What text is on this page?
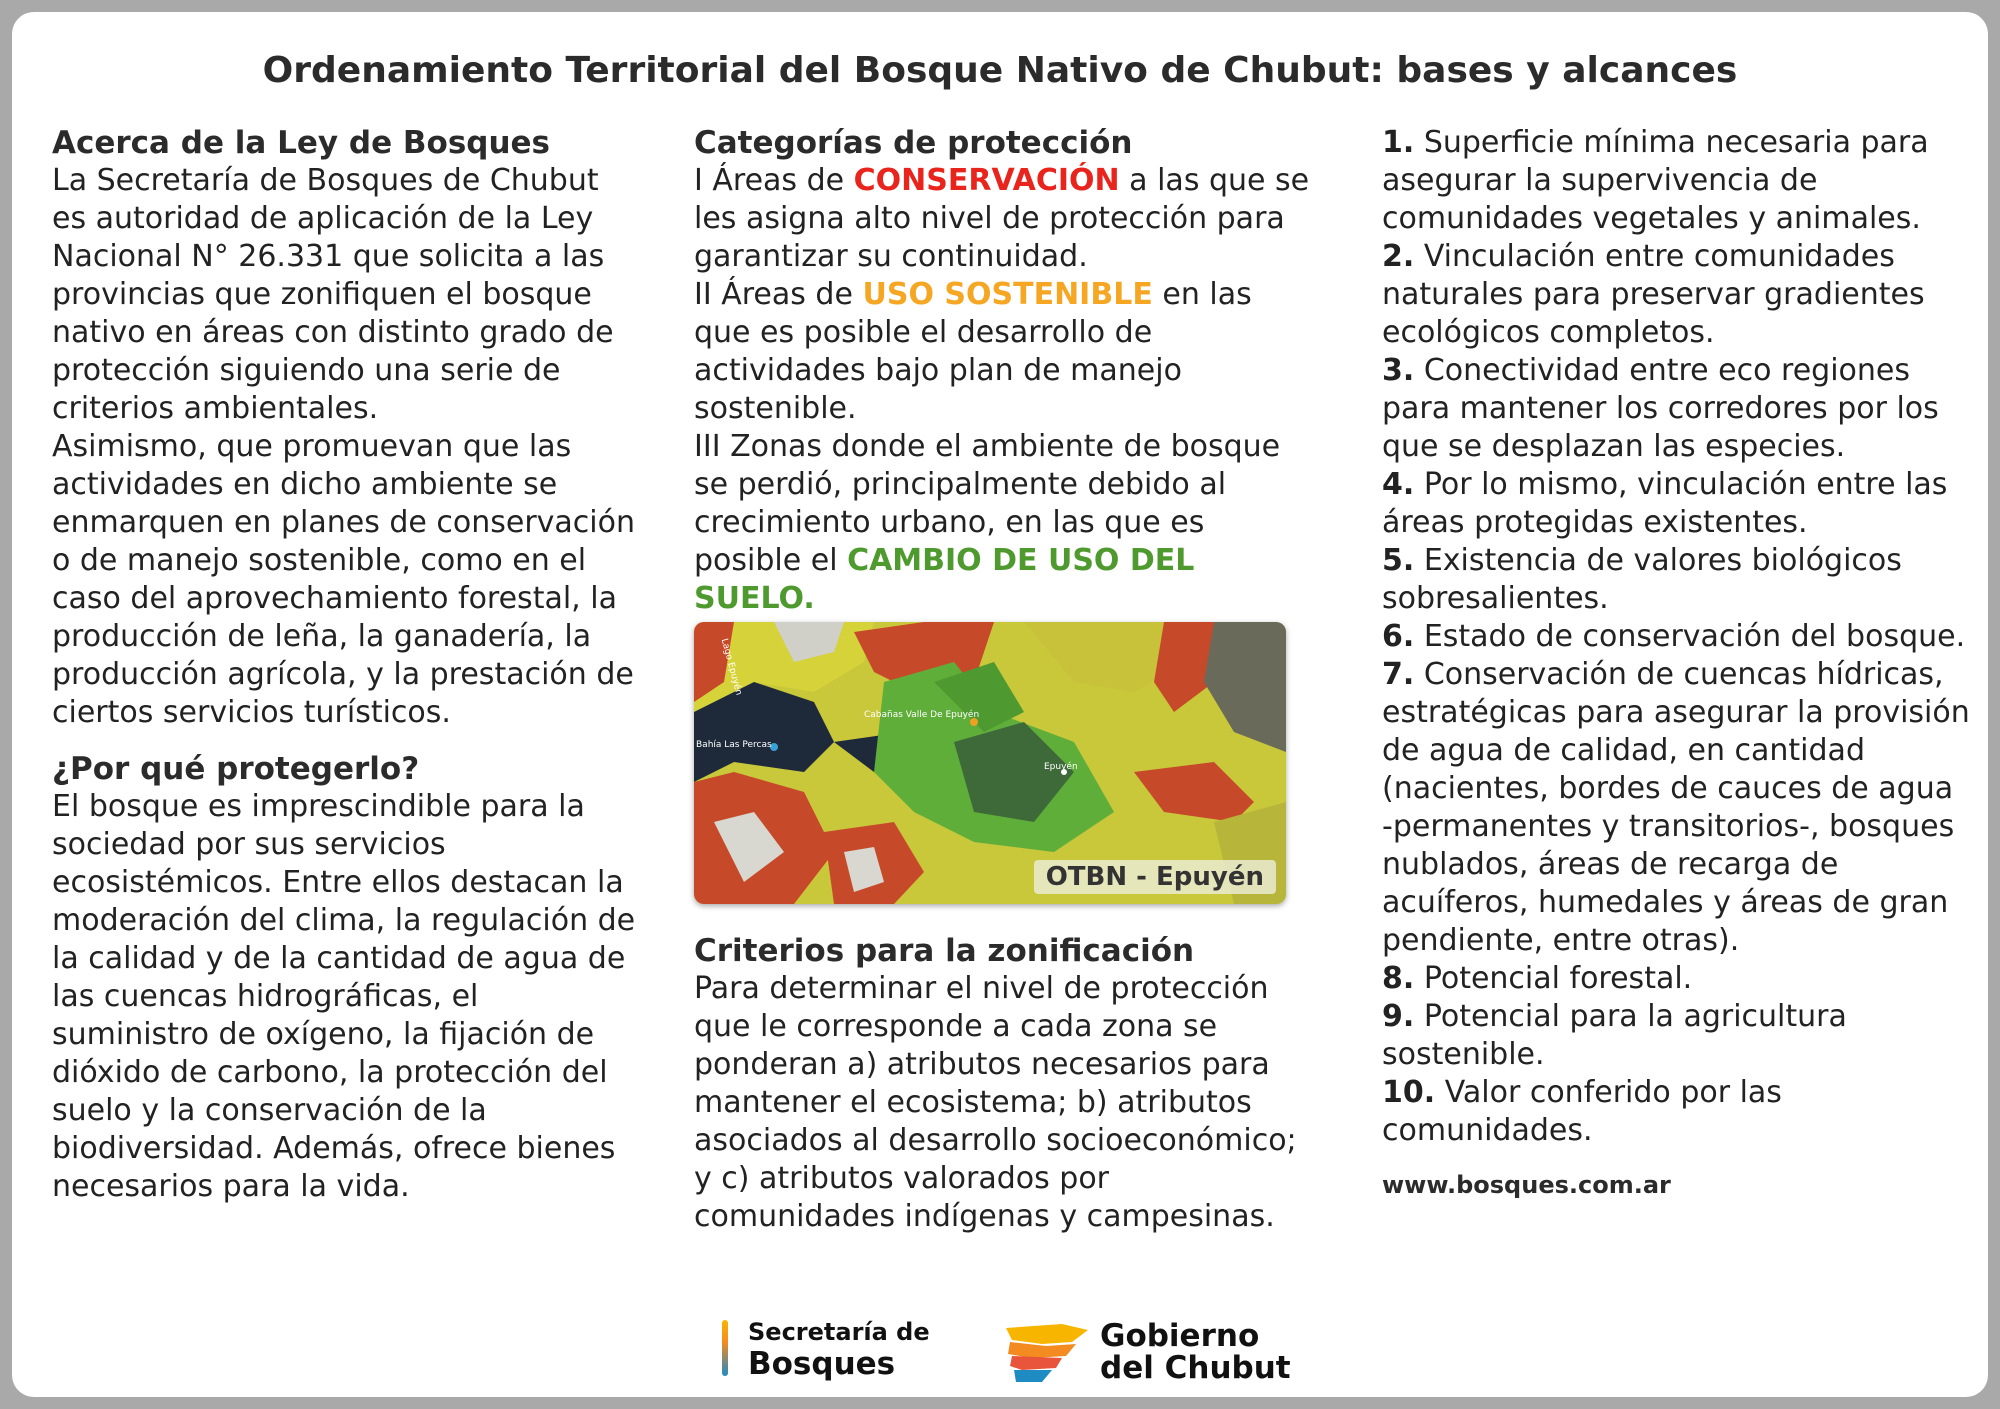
Ordenamiento Territorial del Bosque Nativo de Chubut: bases y alcances

Acerca de la Ley de Bosques

La Secretaría de Bosques de Chubut es autoridad de aplicación de la Ley Nacional N° 26.331 que solicita a las provincias que zonifiquen el bosque nativo en áreas con distinto grado de protección siguiendo una serie de criterios ambientales.

Asimismo, que promuevan que las actividades en dicho ambiente se enmarquen en planes de conservación o de manejo sostenible, como en el caso del aprovechamiento forestal, la producción de leña, la ganadería, la producción agrícola, y la prestación de ciertos servicios turísticos.

¿Por qué protegerlo?

El bosque es imprescindible para la sociedad por sus servicios ecosistémicos. Entre ellos destacan la moderación del clima, la regulación de la calidad y de la cantidad de agua de las cuencas hidrográficas, el suministro de oxígeno, la fijación de dióxido de carbono, la protección del suelo y la conservación de la biodiversidad. Además, ofrece bienes necesarios para la vida.

Categorías de protección

I Áreas de CONSERVACIÓN a las que se les asigna alto nivel de protección para garantizar su continuidad.

II Áreas de USO SOSTENIBLE en las que es posible el desarrollo de actividades bajo plan de manejo sostenible.

III Zonas donde el ambiente de bosque se perdió, principalmente debido al crecimiento urbano, en las que es posible el CAMBIO DE USO DEL SUELO.

Lago Epuyén
Bahía Las Percas
Cabañas Valle De Epuyén
Epuyén
OTBN - Epuyén

Criterios para la zonificación

Para determinar el nivel de protección que le corresponde a cada zona se ponderan a) atributos necesarios para mantener el ecosistema; b) atributos asociados al desarrollo socioeconómico; y c) atributos valorados por comunidades indígenas y campesinas.

1. Superficie mínima necesaria para asegurar la supervivencia de comunidades vegetales y animales.

2. Vinculación entre comunidades naturales para preservar gradientes ecológicos completos.

3. Conectividad entre eco regiones para mantener los corredores por los que se desplazan las especies.

4. Por lo mismo, vinculación entre las áreas protegidas existentes.

5. Existencia de valores biológicos sobresalientes.

6. Estado de conservación del bosque.

7. Conservación de cuencas hídricas, estratégicas para asegurar la provisión de agua de calidad, en cantidad (nacientes, bordes de cauces de agua -permanentes y transitorios-, bosques nublados, áreas de recarga de acuíferos, humedales y áreas de gran pendiente, entre otras).

8. Potencial forestal.

9. Potencial para la agricultura sostenible.

10. Valor conferido por las comunidades.

www.bosques.com.ar
Secretaría de
Bosques
Gobierno
del Chubut
